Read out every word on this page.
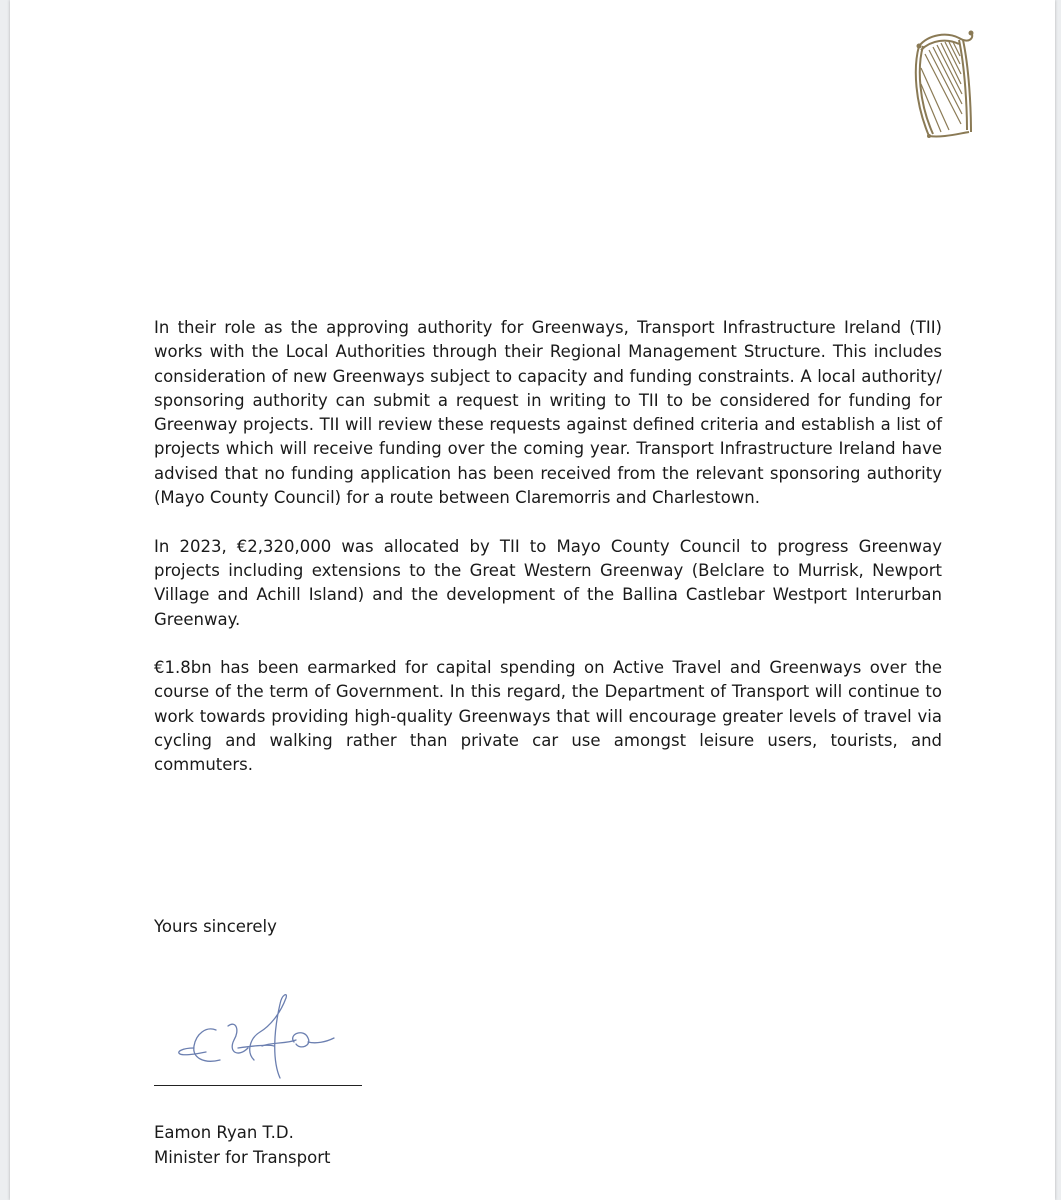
In their role as the approving authority for Greenways, Transport Infrastructure Ireland (TII) works with the Local Authorities through their Regional Management Structure. This includes consideration of new Greenways subject to capacity and funding constraints. A local authority/ sponsoring authority can submit a request in writing to TII to be considered for funding for Greenway projects. TII will review these requests against defined criteria and establish a list of projects which will receive funding over the coming year. Transport Infrastructure Ireland have advised that no funding application has been received from the relevant sponsoring authority (Mayo County Council) for a route between Claremorris and Charlestown.

In 2023, €2,320,000 was allocated by TII to Mayo County Council to progress Greenway projects including extensions to the Great Western Greenway (Belclare to Murrisk, Newport Village and Achill Island) and the development of the Ballina Castlebar Westport Interurban Greenway.

€1.8bn has been earmarked for capital spending on Active Travel and Greenways over the course of the term of Government. In this regard, the Department of Transport will continue to work towards providing high-quality Greenways that will encourage greater levels of travel via cycling and walking rather than private car use amongst leisure users, tourists, and commuters.

Yours sincerely
Eamon Ryan T.D.
Minister for Transport
